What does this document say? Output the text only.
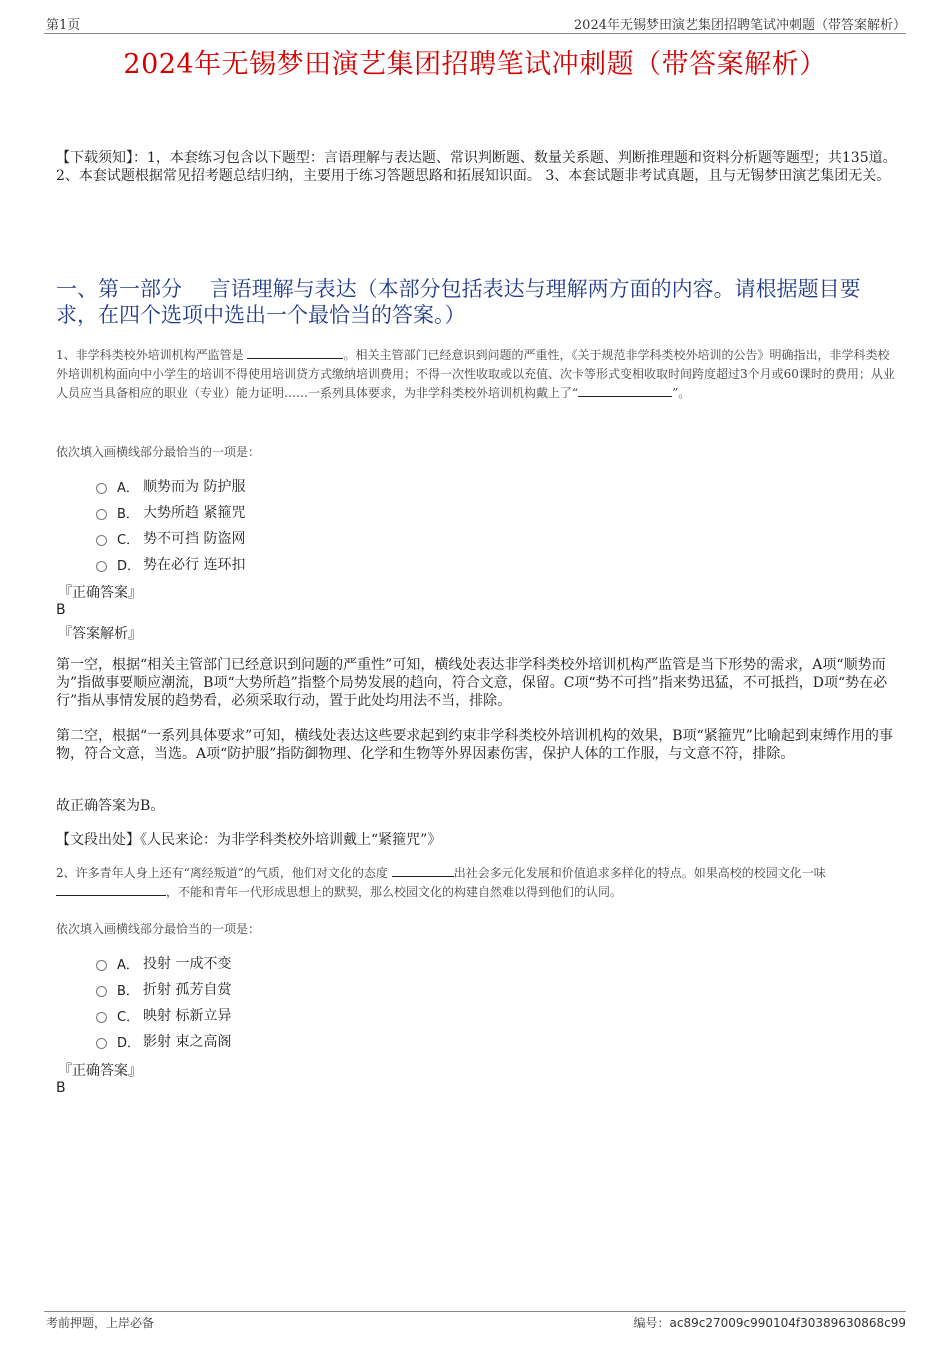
第1页	2024年无锡梦田演艺集团招聘笔试冲刺题（带答案解析）
2024年无锡梦田演艺集团招聘笔试冲刺题（带答案解析）
【下载须知】：1，本套练习包含以下题型：言语理解与表达题、常识判断题、数量关系题、判断推理题和资料分析题等题型；共135道。 2、本套试题根据常见招考题总结归纳，主要用于练习答题思路和拓展知识面。 3、本套试题非考试真题，且与无锡梦田演艺集团无关。
一、第一部分　 言语理解与表达（本部分包括表达与理解两方面的内容。请根据题目要求，在四个选项中选出一个最恰当的答案。）
1、非学科类校外培训机构严监管是	。相关主管部门已经意识到问题的严重性，《关于规范非学科类校外培训的公告》明确指出，非学科类校外培训机构面向中小学生的培训不得使用培训贷方式缴纳培训费用；不得一次性收取或以充值、次卡等形式变相收取时间跨度超过3个月或60课时的费用；从业人员应当具备相应的职业（专业）能力证明……一系列具体要求，为非学科类校外培训机构戴上了“	”。
依次填入画横线部分最恰当的一项是：
A． 顺势而为 防护服
B． 大势所趋 紧箍咒
C． 势不可挡 防盗网
D． 势在必行 连环扣
『正确答案』
B
『答案解析』
第一空，根据“相关主管部门已经意识到问题的严重性”可知，横线处表达非学科类校外培训机构严监管是当下形势的需求，A项“顺势而为”指做事要顺应潮流，B项“大势所趋”指整个局势发展的趋向，符合文意，保留。C项“势不可挡”指来势迅猛，不可抵挡，D项“势在必行”指从事情发展的趋势看，必须采取行动，置于此处均用法不当，排除。
第二空，根据“一系列具体要求”可知，横线处表达这些要求起到约束非学科类校外培训机构的效果，B项“紧箍咒”比喻起到束缚作用的事物，符合文意，当选。A项“防护服”指防御物理、化学和生物等外界因素伤害，保护人体的工作服，与文意不符，排除。
故正确答案为B。
【文段出处】《人民来论：为非学科类校外培训戴上“紧箍咒”》
2、许多青年人身上还有“离经叛道”的气质，他们对文化的态度	出社会多元化发展和价值追求多样化的特点。如果高校的校园文化一味 ，不能和青年一代形成思想上的默契，那么校园文化的构建自然难以得到他们的认同。
依次填入画横线部分最恰当的一项是：
A． 投射 一成不变
B． 折射 孤芳自赏
C． 映射 标新立异
D． 影射 束之高阁
『正确答案』
B
考前押题，上岸必备	编号：ac89c27009c990104f30389630868c99
